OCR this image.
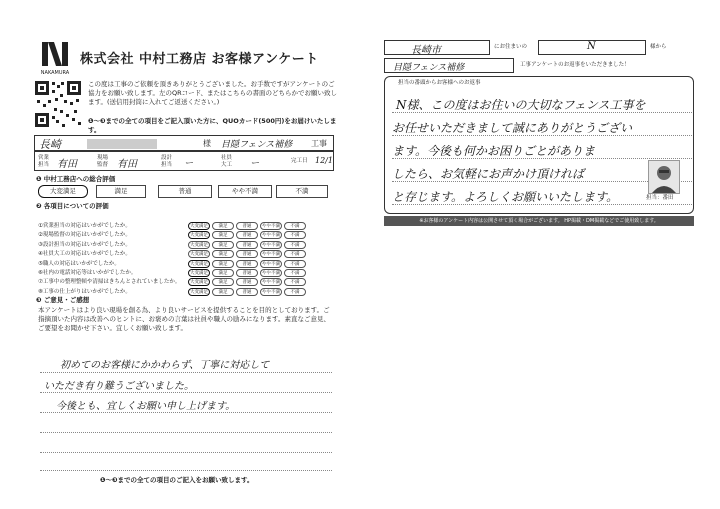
NAKAMURA
株式会社 中村工務店 お客様アンケート
この度は工事のご依頼を頂きありがとうございました。お手数ですがアンケートのご協力をお願い致します。左のQRコード、またはこちらの書面のどちらかでお願い致します。(送信用封筒に入れてご返送ください。)
❶〜❸までの全ての項目をご記入頂いた方に、QUOカード(500円)をお届けいたします。
長崎	様 目隠フェンス補修 工事
営業担当 有田
現場監督 有田
設計担当	ー
社員大工	ー	完工日 12/1
❶ 中村工務店への総合評価
大変満足	満足	普通	やや不満	不満
❷ 各項目についての評価
①営業担当の対応はいかがでしたか。	大変満足 満足	普通 やや不満 不満
②現場監督の対応はいかがでしたか。	大変満足 満足	普通 やや不満 不満
③設計担当の対応はいかがでしたか。	大変満足 満足	普通 やや不満 不満
④社員大工の対応はいかがでしたか。	大変満足 満足	普通 やや不満 不満
⑤職人の対応はいかがでしたか。	大変満足 満足	普通 やや不満 不満
⑥社内の電話対応等はいかがでしたか。	大変満足 満足	普通 やや不満 不満
⑦工事中の整理整頓や清掃はきちんとされていましたか。	大変満足 満足	普通 やや不満 不満
⑧工事の仕上がりはいかがでしたか。	大変満足 満足	普通 やや不満 不満
❸ ご意見・ご感想
本アンケートはより良い現場を創る為、より良いサービスを提供することを目的としております。ご指摘頂いた内容は改善へのヒントに、お褒めの言葉は社員や職人の励みになります。素直なご意見、ご要望をお聞かせ下さい。宜しくお願い致します。
初めてのお客様にかかわらず、丁寧に対応して
いただき有り難うございました。
今後とも、宜しくお願い申し上げます。
❶〜❸までの全ての項目のご記入をお願い致します。
長崎市	にお住まいの	N	様から
目隠フェンス補修	工事アンケートのお返事をいただきました！
担当の番頭からお客様へのお返事
N様、この度はお住いの大切なフェンス工事を
お任せいただきまして誠にありがとうござい
ます。今後も何かお困りごとがありま
したら、お気軽にお声かけ頂ければ
と存じます。よろしくお願いいたします。	担当：番田
※お客様のアンケート内容は公開させて頂く場合がございます。 HP掲載・DM掲載などでご使用致します。
